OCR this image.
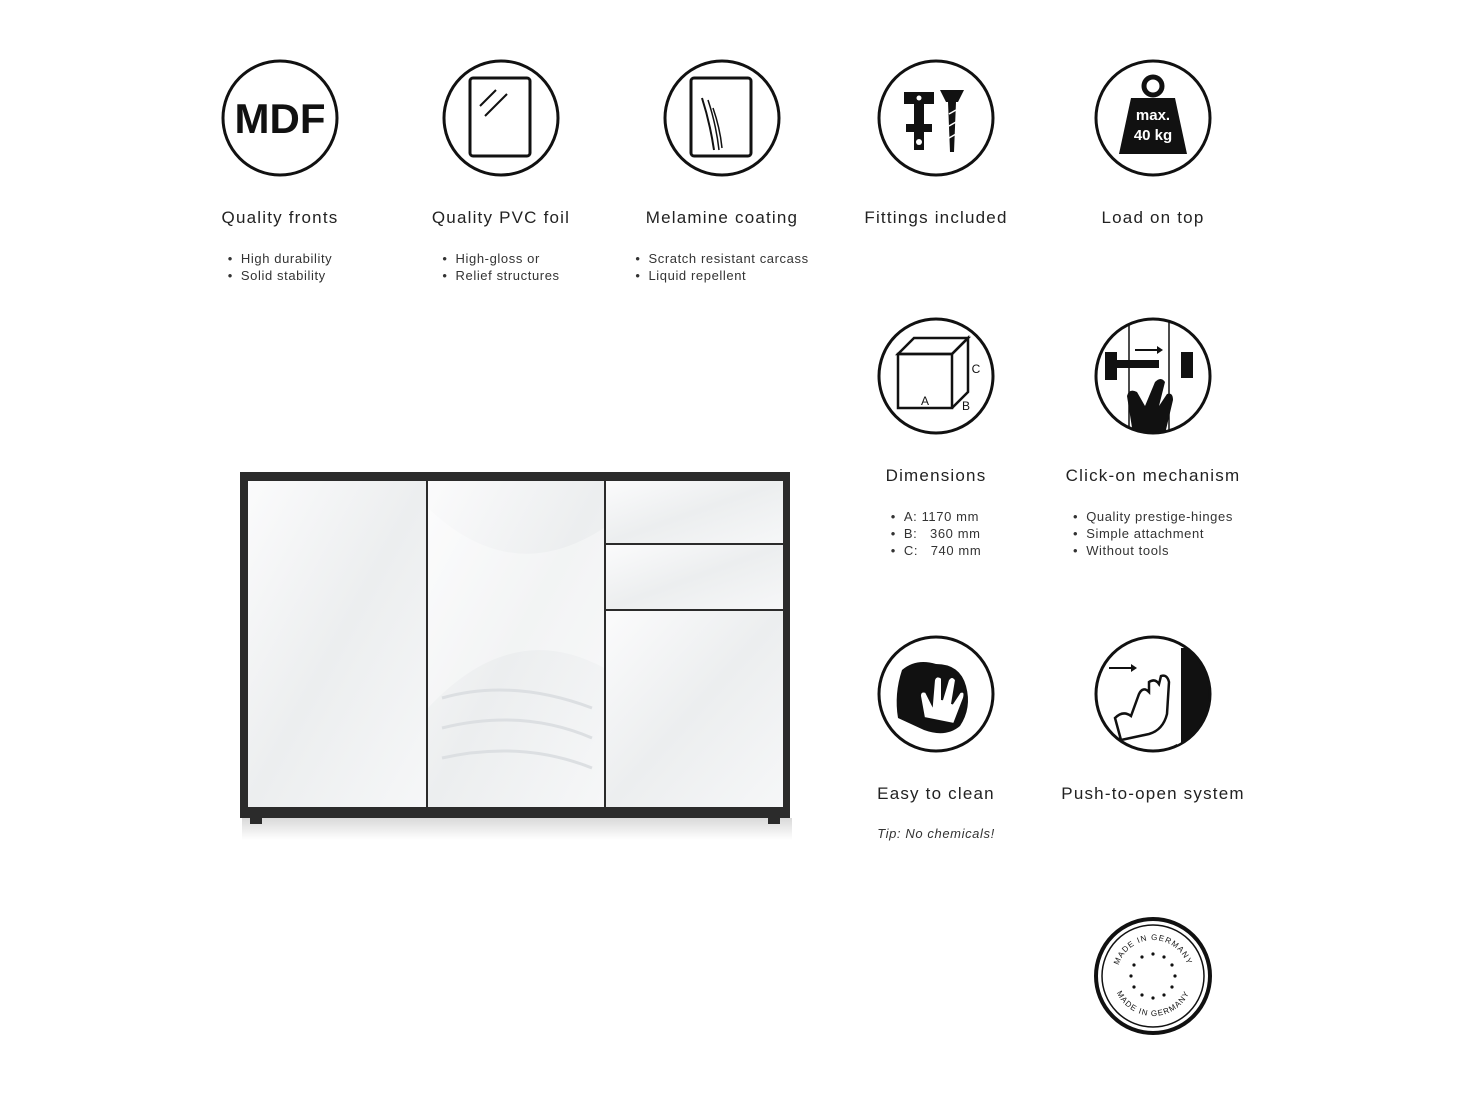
MDF
Quality fronts
• High durability
• Solid stability
Quality PVC foil
• High-gloss or
• Relief structures
Melamine coating
• Scratch resistant carcass
• Liquid repellent
Fittings included
max.
40 kg
Load on top
A	B
C
Dimensions
• A: 1170 mm
• B:   360 mm
• C:   740 mm
Click-on mechanism
• Quality prestige-hinges
• Simple attachment
• Without tools
Easy to clean
Tip: No chemicals!
Push-to-open system
MADE IN GERMANY
MADE IN GERMANY
